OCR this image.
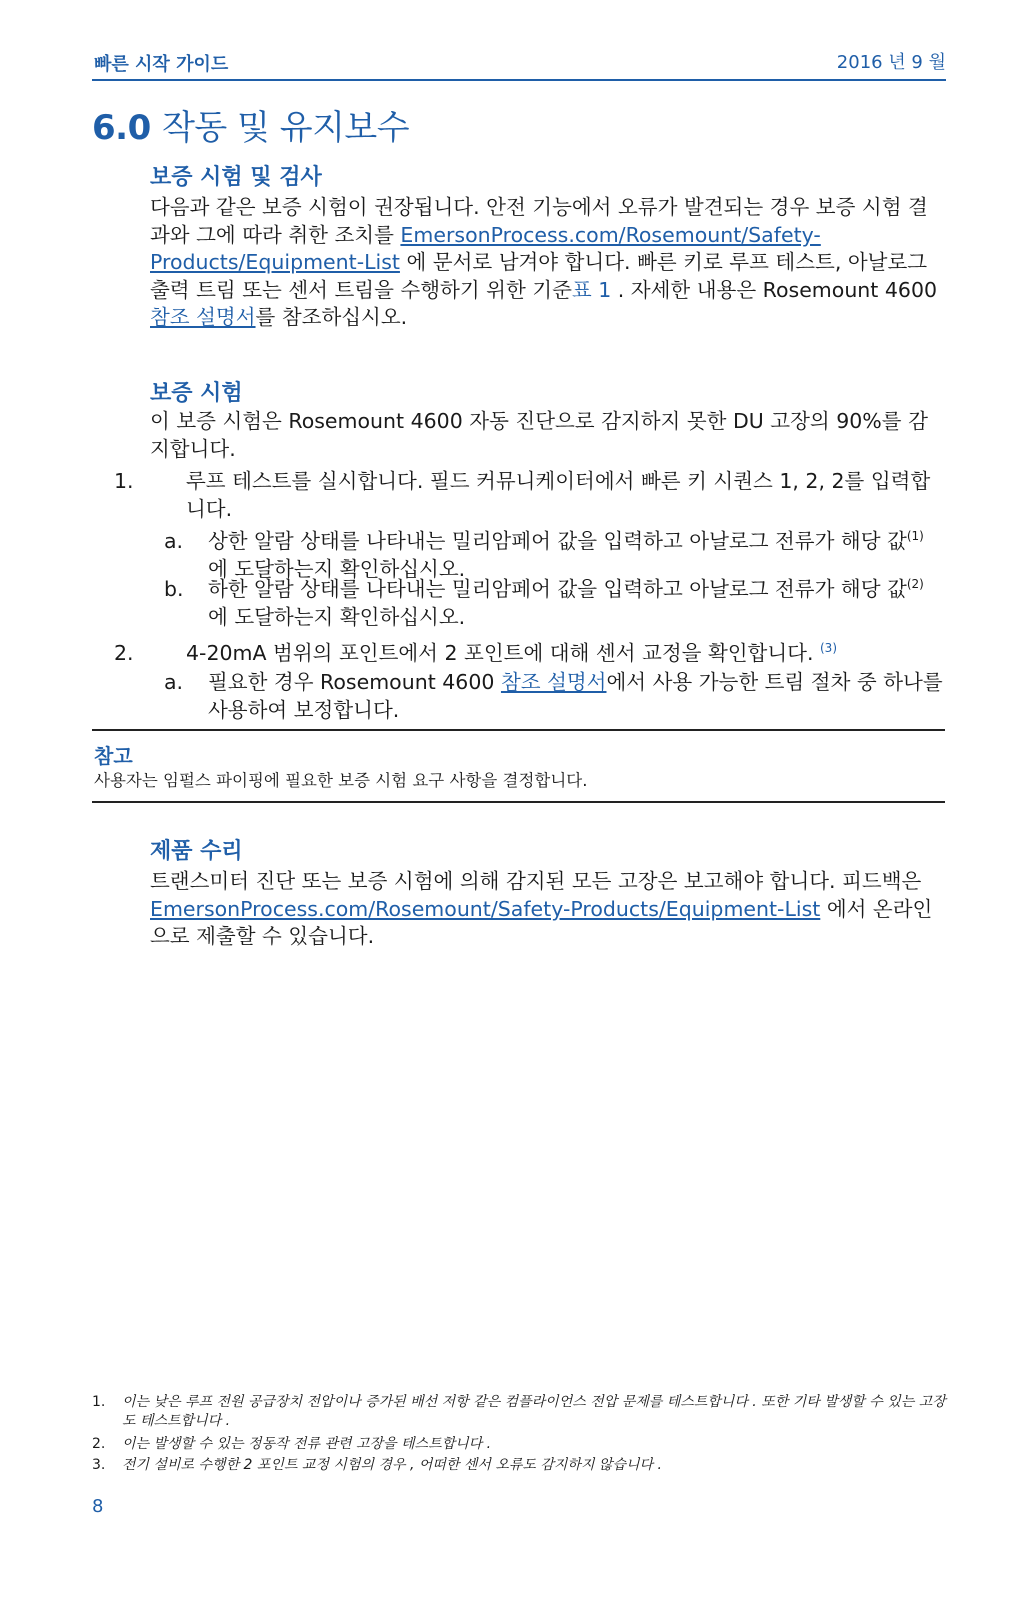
빠른 시작 가이드	2016 년 9 월
6.0 작동 및 유지보수
보증 시험 및 검사
다음과 같은 보증 시험이 권장됩니다. 안전 기능에서 오류가 발견되는 경우 보증 시험 결과와 그에 따라 취한 조치를 EmersonProcess.com/Rosemount/Safety-Products/Equipment-List 에 문서로 남겨야 합니다. 빠른 키로 루프 테스트, 아날로그 출력 트림 또는 센서 트림을 수행하기 위한 기준표 1 . 자세한 내용은 Rosemount 4600 참조 설명서를 참조하십시오.
보증 시험
이 보증 시험은 Rosemount 4600 자동 진단으로 감지하지 못한 DU 고장의 90%를 감지합니다.
1.	루프 테스트를 실시합니다. 필드 커뮤니케이터에서 빠른 키 시퀀스 1, 2, 2를 입력합니다.
a. 상한 알람 상태를 나타내는 밀리암페어 값을 입력하고 아날로그 전류가 해당 값$^{(1)}$ 에 도달하는지 확인하십시오.
b. 하한 알람 상태를 나타내는 밀리암페어 값을 입력하고 아날로그 전류가 해당 값$^{(2)}$ 에 도달하는지 확인하십시오.
2.	4-20mA 범위의 포인트에서 2 포인트에 대해 센서 교정을 확인합니다. $^{(3)}$
a. 필요한 경우 Rosemount 4600 참조 설명서에서 사용 가능한 트림 절차 중 하나를 사용하여 보정합니다.
참고
사용자는 임펄스 파이핑에 필요한 보증 시험 요구 사항을 결정합니다.
제품 수리
트랜스미터 진단 또는 보증 시험에 의해 감지된 모든 고장은 보고해야 합니다. 피드백은 EmersonProcess.com/Rosemount/Safety-Products/Equipment-List 에서 온라인으로 제출할 수 있습니다.
1. 이는 낮은 루프 전원 공급장치 전압이나 증가된 배선 저항 같은 컴플라이언스 전압 문제를 테스트합니다 . 또한 기타 발생할 수 있는 고장도 테스트합니다 .
2. 이는 발생할 수 있는 정동작 전류 관련 고장을 테스트합니다 .
3. 전기 설비로 수행한 2 포인트 교정 시험의 경우 , 어떠한 센서 오류도 감지하지 않습니다 .
8
